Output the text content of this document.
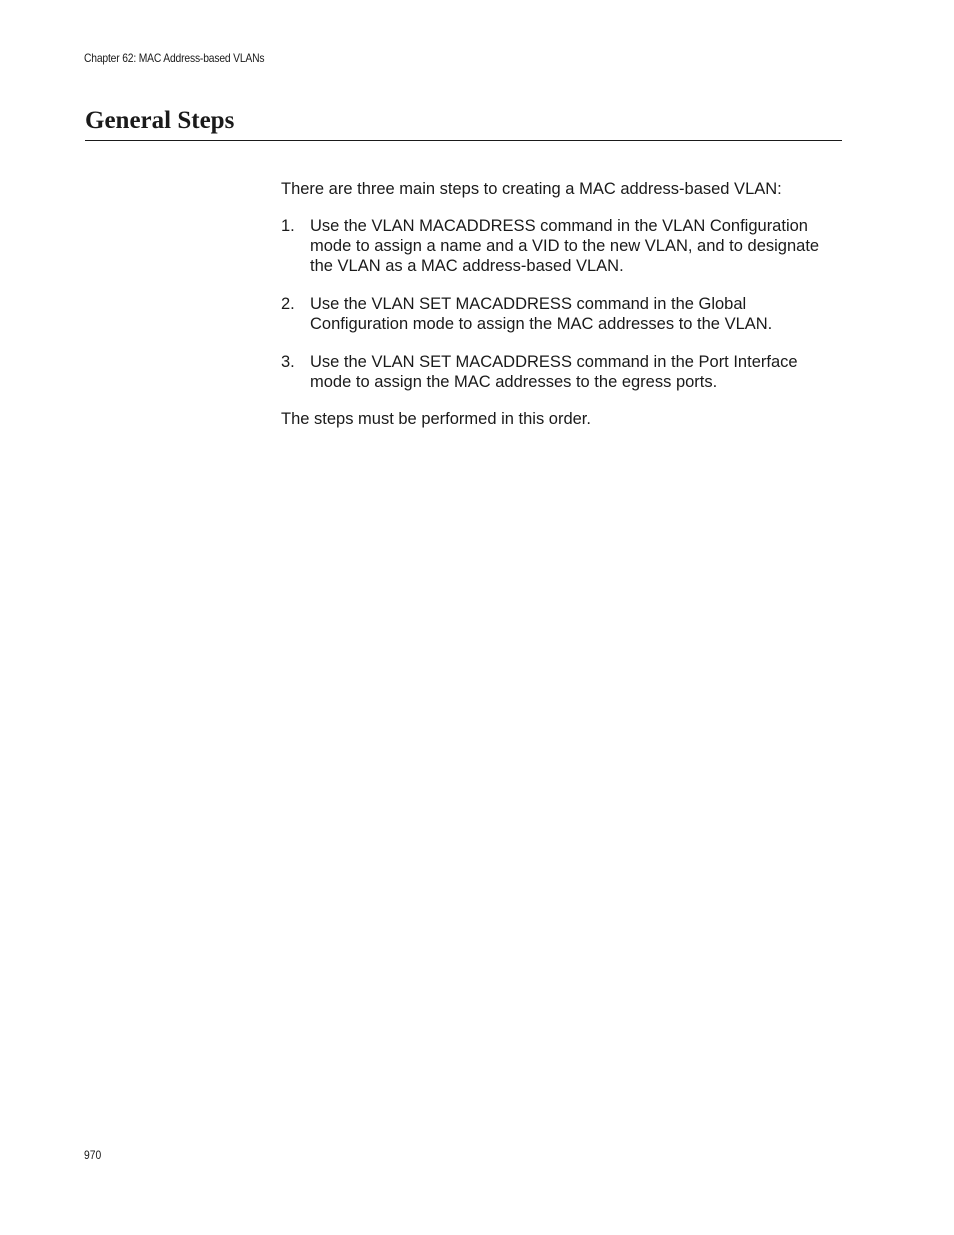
Chapter 62: MAC Address-based VLANs
General Steps

There are three main steps to creating a MAC address-based VLAN:

1. Use the VLAN MACADDRESS command in the VLAN Configuration
mode to assign a name and a VID to the new VLAN, and to designate
the VLAN as a MAC address-based VLAN.
2. Use the VLAN SET MACADDRESS command in the Global
Configuration mode to assign the MAC addresses to the VLAN.
3. Use the VLAN SET MACADDRESS command in the Port Interface
mode to assign the MAC addresses to the egress ports.

The steps must be performed in this order.

970
